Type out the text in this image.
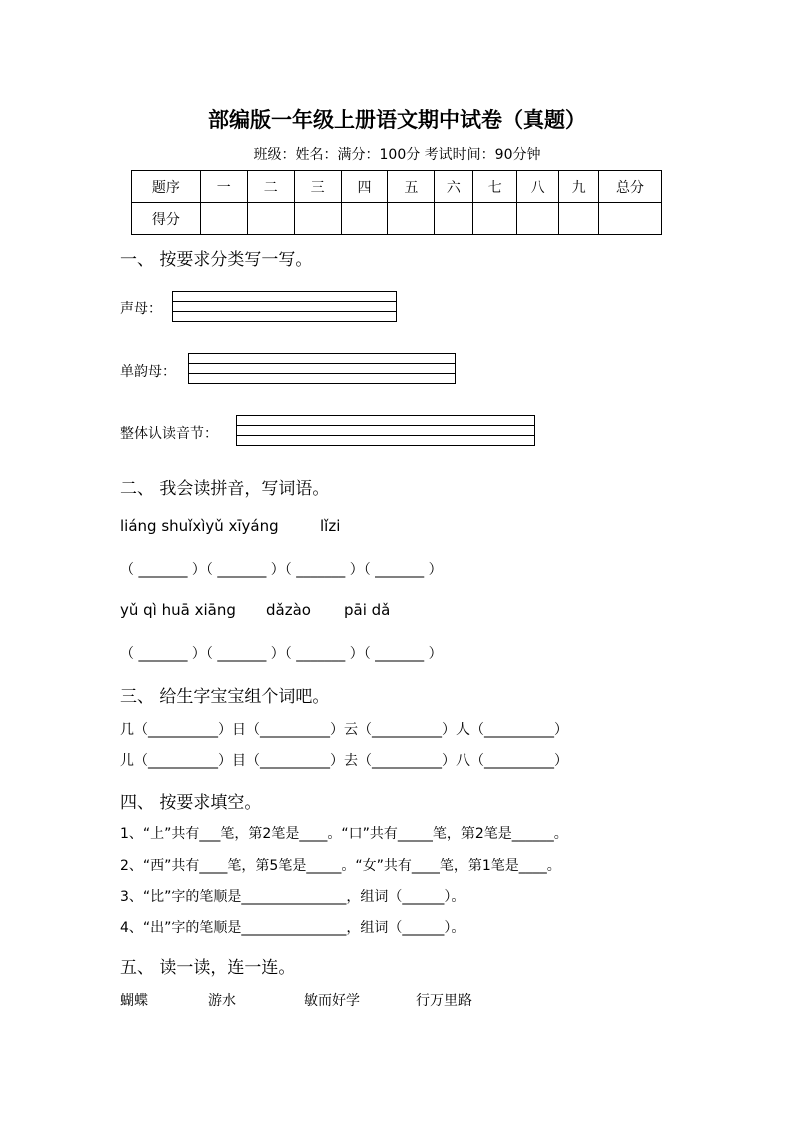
部编版一年级上册语文期中试卷（真题）
班级：姓名：满分：100分 考试时间：90分钟
题序	一	二	三	四	五	六	七	八	九	总分
得分										
一、 按要求分类写一写。
声母：
单韵母：
整体认读音节：
二、 我会读拼音，写词语。
liáng shuǐxìyǔ xīyáng	lǐzi
（ _______ ）（ _______ ）（ _______ ）（ _______ ）
yǔ qì huā xiāng dǎzào pāi dǎ
（ _______ ）（ _______ ）（ _______ ）（ _______ ）
三、 给生字宝宝组个词吧。
几（__________）日（__________）云（__________）人（__________）
儿（__________）目（__________）去（__________）八（__________）
四、 按要求填空。
1、“上”共有___笔，第2笔是____。“口”共有_____笔，第2笔是______。
2、“西”共有____笔，第5笔是_____。“女”共有____笔，第1笔是____。
3、“比”字的笔顺是_______________，组词（______）。
4、“出”字的笔顺是_______________，组词（______）。
五、 读一读，连一连。
蝴蝶	游水	敏而好学	行万里路
